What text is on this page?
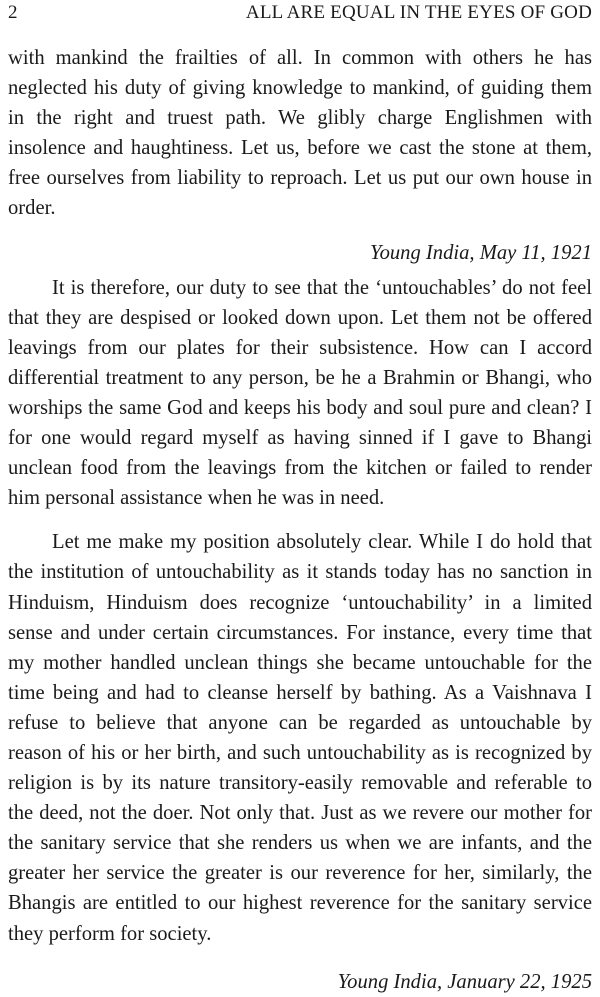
2	ALL ARE EQUAL IN THE EYES OF GOD

with mankind the frailties of all. In common with others he has neglected his duty of giving knowledge to mankind, of guiding them in the right and truest path. We glibly charge Englishmen with insolence and haughtiness. Let us, before we cast the stone at them, free ourselves from liability to reproach. Let us put our own house in order.

Young India, May 11, 1921

It is therefore, our duty to see that the ‘untouchables’ do not feel that they are despised or looked down upon. Let them not be offered leavings from our plates for their subsistence. How can I accord differential treatment to any person, be he a Brahmin or Bhangi, who worships the same God and keeps his body and soul pure and clean? I for one would regard myself as having sinned if I gave to Bhangi unclean food from the leavings from the kitchen or failed to render him personal assistance when he was in need.

Let me make my position absolutely clear. While I do hold that the institution of untouchability as it stands today has no sanction in Hinduism, Hinduism does recognize ‘untouchability’ in a limited sense and under certain circumstances. For instance, every time that my mother handled unclean things she became untouchable for the time being and had to cleanse herself by bathing. As a Vaishnava I refuse to believe that anyone can be regarded as untouchable by reason of his or her birth, and such untouchability as is recognized by religion is by its nature transitory-easily removable and referable to the deed, not the doer. Not only that. Just as we revere our mother for the sanitary service that she renders us when we are infants, and the greater her service the greater is our reverence for her, similarly, the Bhangis are entitled to our highest reverence for the sanitary service they perform for society.

Young India, January 22, 1925
